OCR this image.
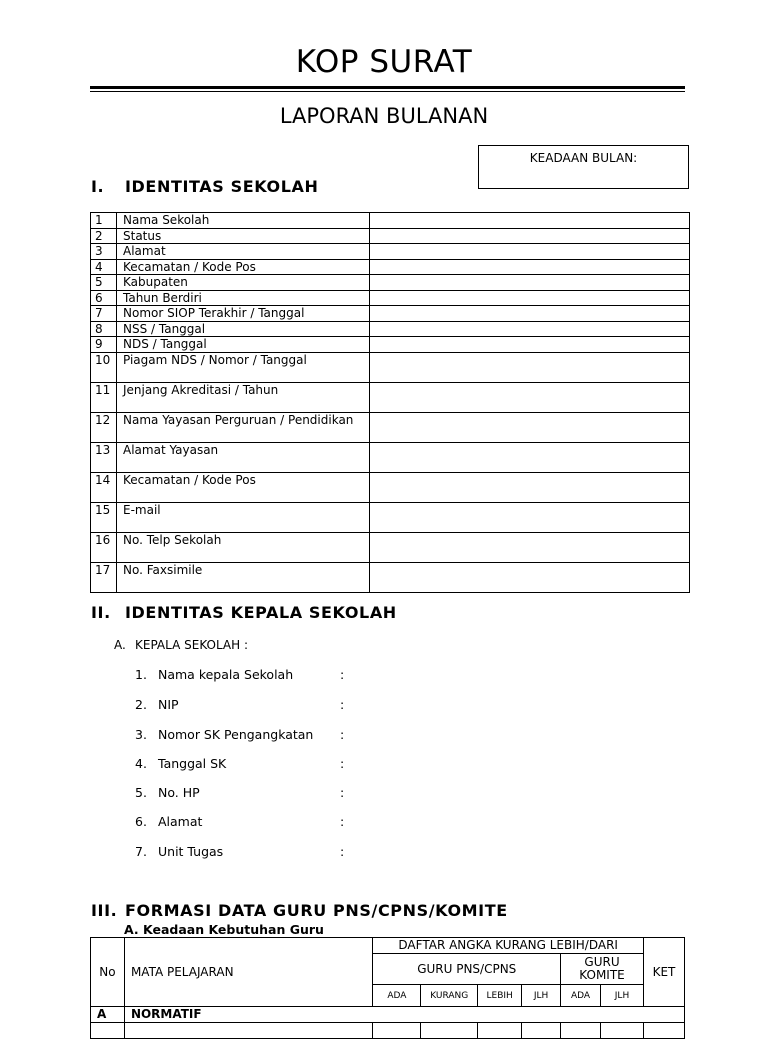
KOP SURAT
LAPORAN BULANAN
KEADAAN BULAN:
I. IDENTITAS SEKOLAH
1	Nama Sekolah	
2	Status	
3	Alamat	
4	Kecamatan / Kode Pos	
5	Kabupaten	
6	Tahun Berdiri	
7	Nomor SIOP Terakhir / Tanggal	
8	NSS / Tanggal	
9	NDS / Tanggal	
10	Piagam NDS / Nomor / Tanggal	
11	Jenjang Akreditasi / Tahun	
12	Nama Yayasan Perguruan / Pendidikan	
13	Alamat Yayasan	
14	Kecamatan / Kode Pos	
15	E-mail	
16	No. Telp Sekolah	
17	No. Faxsimile	
II. IDENTITAS KEPALA SEKOLAH
A. KEPALA SEKOLAH :
1. Nama kepala Sekolah	:
2. NIP	:
3. Nomor SK Pengangkatan :
4. Tanggal SK	:
5. No. HP	:
6. Alamat	:
7. Unit Tugas	:
III. FORMASI DATA GURU PNS/CPNS/KOMITE
A. Keadaan Kebutuhan Guru
No	MATA PELAJARAN	DAFTAR ANGKA KURANG LEBIH/DARI						KET
		GURU PNS/CPNS				GURU KOMITE		
		ADA	KURANG	LEBIH	JLH	ADA	JLH	
A	NORMATIF							
